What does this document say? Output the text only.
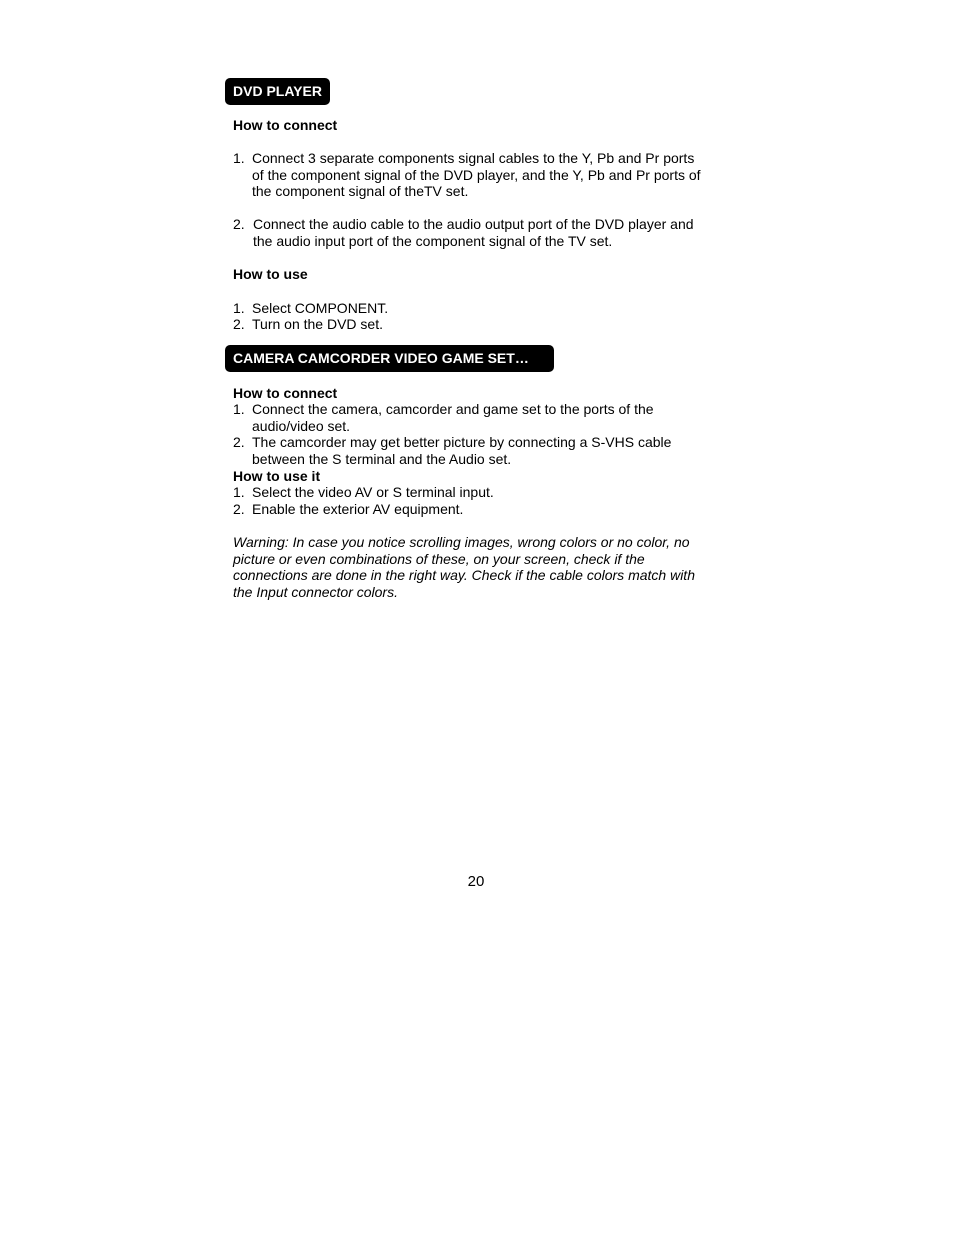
DVD PLAYER
How to connect
1. Connect 3 separate components signal cables to the Y, Pb and Pr ports
of the component signal of the DVD player, and the Y, Pb and Pr ports of
the component signal of theTV set.
2. Connect the audio cable to the audio output port of the DVD player and
the audio input port of the component signal of the TV set.
How to use
1. Select COMPONENT.
2. Turn on the DVD set.
CAMERA CAMCORDER VIDEO GAME SET…
How to connect
1. Connect the camera, camcorder and game set to the ports of the
audio/video set.
2. The camcorder may get better picture by connecting a S-VHS cable
between the S terminal and the Audio set.
How to use it
1. Select the video AV or S terminal input.
2. Enable the exterior AV equipment.
Warning: In case you notice scrolling images, wrong colors or no color, no
picture or even combinations of these, on your screen, check if the
connections are done in the right way. Check if the cable colors match with
the Input connector colors.
20
